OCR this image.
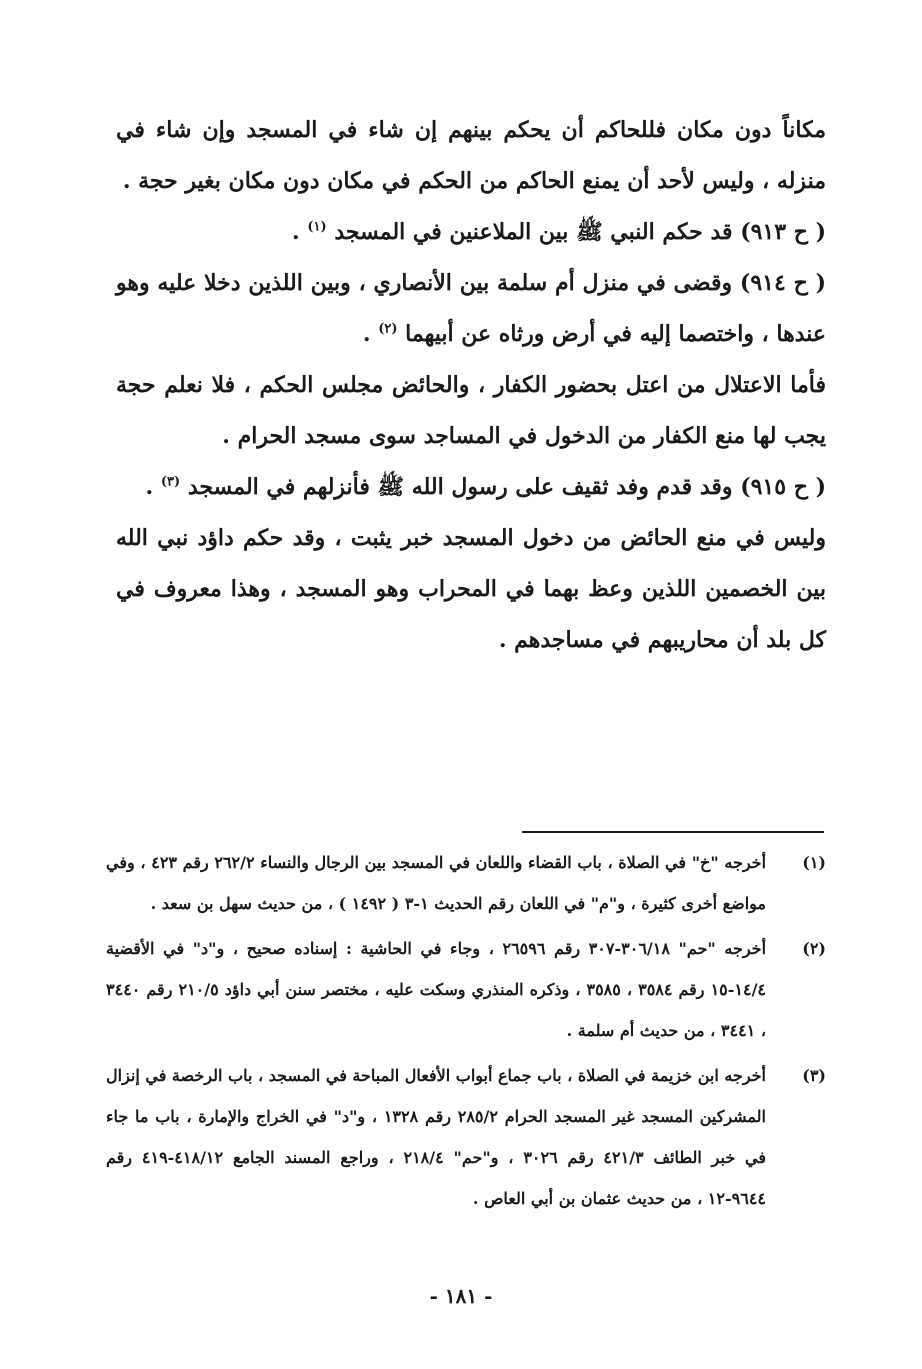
مكاناً دون مكان فللحاكم أن يحكم بينهم إن شاء في المسجد وإن شاء في منزله ، وليس لأحد أن يمنع الحاكم من الحكم في مكان دون مكان بغير حجة .

( ح ٩١٣) قد حكم النبي ﷺ بين الملاعنين في المسجد $^{(١)}$ .

( ح ٩١٤) وقضى في منزل أم سلمة بين الأنصاري ، وبين اللذين دخلا عليه وهو عندها ، واختصما إليه في أرض ورثاه عن أبيهما $^{(٢)}$ .

فأما الاعتلال من اعتل بحضور الكفار ، والحائض مجلس الحكم ، فلا نعلم حجة يجب لها منع الكفار من الدخول في المساجد سوى مسجد الحرام .

( ح ٩١٥) وقد قدم وفد ثقيف على رسول الله ﷺ فأنزلهم في المسجد $^{(٣)}$ .

وليس في منع الحائض من دخول المسجد خبر يثبت ، وقد حكم داؤد نبي الله بين الخصمين اللذين وعظ بهما في المحراب وهو المسجد ، وهذا معروف في كل بلد أن محاريبهم في مساجدهم .

(١)
أخرجه "خ" في الصلاة ، باب القضاء واللعان في المسجد بين الرجال والنساء ٢٦٢/٢ رقم ٤٢٣ ، وفي مواضع أخرى كثيرة ، و"م" في اللعان رقم الحديث ١-٣ ( ١٤٩٢ ) ، من حديث سهل بن سعد .

(٢)
أخرجه "حم" ٣٠٦/١٨-٣٠٧ رقم ٢٦٥٩٦ ، وجاء في الحاشية : إسناده صحيح ، و"د" في الأقضية ١٤/٤-١٥ رقم ٣٥٨٤ ، ٣٥٨٥ ، وذكره المنذري وسكت عليه ، مختصر سنن أبي داؤد ٢١٠/٥ رقم ٣٤٤٠ ، ٣٤٤١ ، من حديث أم سلمة .

(٣)
أخرجه ابن خزيمة في الصلاة ، باب جماع أبواب الأفعال المباحة في المسجد ، باب الرخصة في إنزال المشركين المسجد غير المسجد الحرام ٢٨٥/٢ رقم ١٣٢٨ ، و"د" في الخراج والإمارة ، باب ما جاء في خبر الطائف ٤٢١/٣ رقم ٣٠٢٦ ، و"حم" ٢١٨/٤ ، وراجع المسند الجامع ٤١٨/١٢-٤١٩ رقم ٩٦٤٤-١٢ ، من حديث عثمان بن أبي العاص .

- ١٨١ -
